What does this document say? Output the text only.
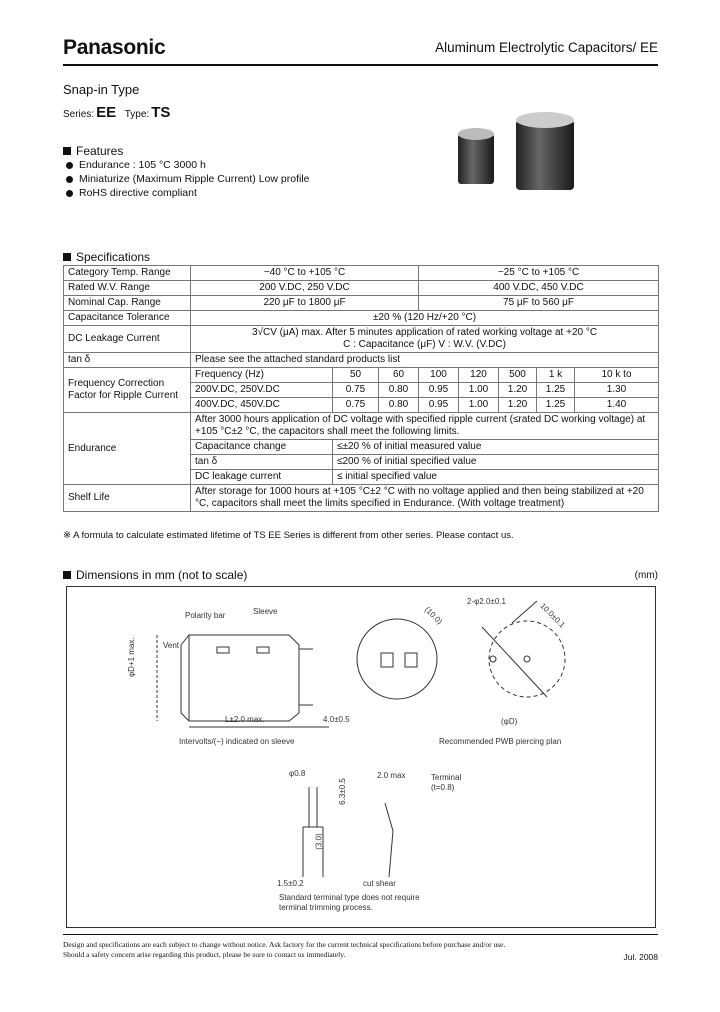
Panasonic	Aluminum Electrolytic Capacitors/ EE
Snap-in Type
Series: EE Type: TS
Features
Endurance : 105 °C 3000 h
Miniaturize (Maximum Ripple Current) Low profile
RoHS directive compliant
Specifications
Category Temp. Range	−40 °C to +105 °C			−25 °C to +105 °C				
Rated W.V. Range	200 V.DC, 250 V.DC			400 V.DC, 450 V.DC				
Nominal Cap. Range	220 μF to 1800 μF			75 μF to 560 μF				
Capacitance Tolerance	±20 % (120 Hz/+20 °C)							
DC Leakage Current	3√CV (μA) max. After 5 minutes application of rated working voltage at +20 °C
C : Capacitance (μF) V : W.V. (V.DC)							

tan δ	Please see the attached standard products list							

Frequency Correction
Factor for Ripple Current	Frequency (Hz)	50	60	100	120	500	1 k	10 k to
	200V.DC, 250V.DC	0.75	0.80	0.95	1.00	1.20	1.25	1.30
	400V.DC, 450V.DC	0.75	0.80	0.95	1.00	1.20	1.25	1.40
Endurance	After 3000 hours application of DC voltage with specified ripple current (≤rated DC working voltage) at +105 °C±2 °C, the capacitors shall meet the following limits.							
	Capacitance change	≤±20 % of initial measured value						
	tan δ	≤200 % of initial specified value						
	DC leakage current	≤ initial specified value						
Shelf Life	After storage for 1000 hours at +105 °C±2 °C with no voltage applied and then being stabilized at +20 °C, capacitors shall meet the limits specified in Endurance. (With voltage treatment)							
※ A formula to calculate estimated lifetime of TS EE Series is different from other series. Please contact us.
Dimensions in mm (not to scale)	(mm)
Polarity bar	Sleeve
Vent
φD+1 max.
L±2.0 max.	4.0±0.5
Intervolts/(−) indicated on sleeve
(10.0)
2-φ2.0±0.1	10.0±0.1
(φD)
Recommended PWB piercing plan
φ0.8
6.3±0.5
2.0 max	Terminal
(t=0.8)
(3.0)
1.5±0.2	cut shear
Standard terminal type does not require
terminal trimming process.
Design and specifications are each subject to change without notice. Ask factory for the current technical specifications before purchase and/or use.
Should a safety concern arise regarding this product, please be sure to contact us immediately.	Jul. 2008
